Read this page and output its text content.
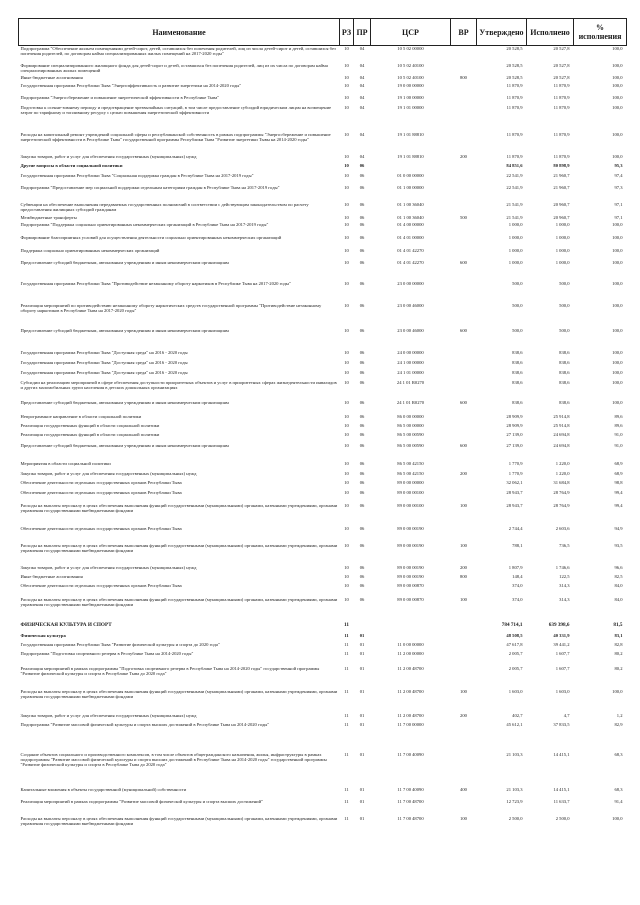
Наименование	РЗ	ПР	ЦСР	ВР	Утверждено	Исполнено	%
исполнения
Подпрограмма "Обеспечение жильем помещениями детей-сирот, детей, оставшихся без попечения родителей, лиц из числа детей-сирот и детей, оставшихся без попечения родителей, по договорам найма специализированных жилых помещений на 2017-2020 годы"	10	04	10 5 02 00000		20 528,5	20 527,8	100,0
Формирование специализированного жилищного фонда для детей-сирот и детей, оставшихся без попечения родителей, лиц из их числа по договорам найма специализированных жилых помещений	10	04	10 5 02 40100		20 528,5	20 527,8	100,0
Иные бюджетные ассигнования	10	04	10 5 02 40100	800	20 528,5	20 527,8	100,0
Государственная программа Республики Тыва "Энергоэффективность и развитие энергетики на 2014-2020 годы"	10	04	19 0 00 00000		11 870,9	11 870,9	100,0
Подпрограмма "Энергосбережение и повышение энергетической эффективности в Республике Тыва"	10	04	19 1 00 00000		11 870,9	11 870,9	100,0
Подготовка к осенне-зимнему периоду и предотвращение чрезвычайных ситуаций, в том числе предоставление субсидий юридическим лицам на возмещение затрат по тарифному и топливному ресурсу с целью повышения энергетической эффективности	10	04	19 1 01 00000		11 870,9	11 870,9	100,0
Расходы на капитальный ремонт учреждений социальной сферы и республиканской собственность в рамках подпрограммы "Энергосбережение и повышение энергетической эффективности в Республике Тыва" государственной программы Республики Тыва "Развитие энергетики Тывы на 2014-2020 годы"	10	04	19 1 01 88810		11 870,9	11 870,9	100,0
Закупка товаров, работ и услуг для обеспечения государственных (муниципальных) нужд	10	04	19 1 01 88810	200	11 870,9	11 870,9	100,0
Другие вопросы в области социальной политики	10	06			84 851,6	80 898,9	95,3
Государственная программа Республики Тыва "Социальная поддержка граждан в Республике Тыва на 2017-2019 годы"	10	06	01 0 00 00000		22 541,9	21 960,7	97,4
Подпрограмма "Предоставление мер социальной поддержки отдельным категориям граждан в Республике Тыва на 2017-2019 годы"	10	06	01 1 00 00000		22 541,9	21 960,7	97,3
Субвенции на обеспечение выполнения передаваемых государственных полномочий в соответствии с действующим законодательством по расчету предоставления жилищных субсидий гражданам	10	06	01 1 00 36040		21 541,9	20 960,7	97,1
Межбюджетные трансферты	10	06	01 1 00 36040	500	21 541,9	20 960,7	97,1
Подпрограмма "Поддержка социально ориентированных некоммерческих организаций в Республике Тыва на 2017-2019 годы"	10	06	01 4 00 00000		1 000,0	1 000,0	100,0
Формирование благоприятных условий для осуществления деятельности социально ориентированных некоммерческих организаций	10	06	01 4 01 00000		1 000,0	1 000,0	100,0
Поддержка социально ориентированных некоммерческих организаций	10	06	01 4 01 42270		1 000,0	1 000,0	100,0
Предоставление субсидий бюджетным, автономным учреждениям и иным некоммерческим организациям	10	06	01 4 01 42270	600	1 000,0	1 000,0	100,0
Государственная программа Республики Тыва "Противодействие незаконному обороту наркотиков в Республике Тыва на 2017-2020 годы"	10	06	23 0 00 00000		500,0	500,0	100,0
Реализация мероприятий по противодействию незаконному обороту наркотических средств государственной программы "Противодействие незаконному обороту наркотиков в Республике Тыва на 2017-2020 годы"	10	06	23 0 00 46000		500,0	500,0	100,0
Предоставление субсидий бюджетным, автономным учреждениям и иным некоммерческим организациям	10	06	23 0 00 46000	600	500,0	500,0	100,0
Государственная программа Республики Тыва "Доступная среда" на 2016 - 2020 годы	10	06	24 0 00 00000		838,6	838,6	100,0
Государственная программа Республики Тыва "Доступная среда" на 2016 - 2020 годы	10	06	24 1 00 00000		838,6	838,6	100,0
Государственная программа Республики Тыва "Доступная среда" на 2016 - 2020 годы	10	06	24 1 01 00000		838,6	838,6	100,0
Субсидии на реализацию мероприятий в сфере обеспечения доступности приоритетных объектов и услуг в приоритетных сферах жизнедеятельности инвалидов и других маломобильных групп населения в детских дошкольных организациях	10	06	24 1 01 R0270		838,6	838,6	100,0
Предоставление субсидий бюджетным, автономным учреждениям и иным некоммерческим организациям	10	06	24 1 01 R0270	600	838,6	838,6	100,0
Непрограммное направление в области социальной политики	10	06	86 0 00 00000		28 909,9	25 914,8	89,6
Реализация государственных функций в области социальной политики	10	06	86 5 00 00000		28 909,9	25 914,8	89,6
Реализация государственных функций в области социальной политики	10	06	86 5 00 00590		27 139,0	24 694,8	91,0
Предоставление субсидий бюджетным, автономным учреждениям и иным некоммерческим организациям	10	06	86 5 00 00590	600	27 139,0	24 694,8	91,0
Мероприятия в области социальной политики	10	06	86 5 00 42150		1 770,9	1 220,0	68,9
Закупка товаров, работ и услуг для обеспечения государственных (муниципальных) нужд	10	06	86 5 00 42150	200	1 770,9	1 220,0	68,9
Обеспечение деятельности отдельных государственных органов Республики Тыва	10	06	89 0 00 00000		32 062,1	31 684,8	98,8
Обеспечение деятельности отдельных государственных органов Республики Тыва	10	06	89 0 00 00100		28 943,7	28 764,9	99,4
Расходы на выплаты персоналу в целях обеспечения выполнения функций государственными (муниципальными) органами, казенными учреждениями, органами управления государственными внебюджетными фондами	10	06	89 0 00 00100	100	28 943,7	28 764,9	99,4
Обеспечение деятельности отдельных государственных органов Республики Тыва	10	06	89 0 00 00190		2 744,4	2 603,6	94,9
Расходы на выплаты персоналу в целях обеспечения выполнения функций государственными (муниципальными) органами, казенными учреждениями, органами управления государственными внебюджетными фондами	10	06	89 0 00 00190	100	788,1	736,5	93,5
Закупка товаров, работ и услуг для обеспечения государственных (муниципальных) нужд	10	06	89 0 00 00190	200	1 807,9	1 746,6	96,6
Иные бюджетные ассигнования	10	06	89 0 00 00190	800	148,4	122,5	82,5
Обеспечение деятельности отдельных государственных органов Республики Тыва	10	06	89 0 00 00870		374,0	314,3	84,0
Расходы на выплаты персоналу в целях обеспечения выполнения функций государственными (муниципальными) органами, казенными учреждениями, органами управления государственными внебюджетными фондами	10	06	89 0 00 00870	100	374,0	314,3	84,0
ФИЗИЧЕСКАЯ КУЛЬТУРА И СПОРТ	11				784 714,1	639 398,6	81,5
Физическая культура	11	01			48 508,5	40 331,9	83,1
Государственная программа Республики Тыва "Развитие физической культуры и спорта до 2020 года"	11	01	11 0 00 00000		47 617,8	39 441,2	82,8
Подпрограмма "Подготовка спортивного резерва в Республике Тыва на 2014-2020 годы"	11	01	11 2 00 00000		2 005,7	1 607,7	80,2
Реализация мероприятий в рамках подпрограммы "Подготовка спортивного резерва в Республике Тыва на 2014-2020 годы" государственной программы "Развитие физической культуры и спорта в Республике Тыва до 2020 года"	11	01	11 2 00 48700		2 005,7	1 607,7	80,2
Расходы на выплаты персоналу в целях обеспечения выполнения функций государственными (муниципальными) органами, казенными учреждениями, органами управления государственными внебюджетными фондами	11	01	11 2 00 48700	100	1 603,0	1 603,0	100,0
Закупка товаров, работ и услуг для обеспечения государственных (муниципальных) нужд	11	01	11 2 00 48700	200	402,7	4,7	1,2
Подпрограмма "Развитие массовой физической культуры и спорта высших достижений в Республике Тыва на 2014-2020 годы"	11	01	11 7 00 00000		45 612,1	37 833,5	82,9
Создание объектов социального и производственного комплексов, в том числе объектов общегражданского назначения, жилья, инфраструктуры в рамках подпрограммы "Развитие массовой физической культуры и спорта высших достижений в Республике Тыва на 2014-2020 годы" государственной программы "Развитие физической культуры и спорта в Республике Тыва до 2020 года"	11	01	11 7 00 40090		21 103,3	14 415,1	68,3
Капитальные вложения в объекты государственной (муниципальной) собственности	11	01	11 7 00 40090	400	21 103,3	14 415,1	68,3
Реализация мероприятий в рамках подпрограммы "Развитие массовой физической культуры и спорта высших достижений"	11	01	11 7 00 48700		12 723,9	11 633,7	91,4
Расходы на выплаты персоналу в целях обеспечения выполнения функций государственными (муниципальными) органами, казенными учреждениями, органами управления государственными внебюджетными фондами	11	01	11 7 00 48700	100	2 500,0	2 500,0	100,0
